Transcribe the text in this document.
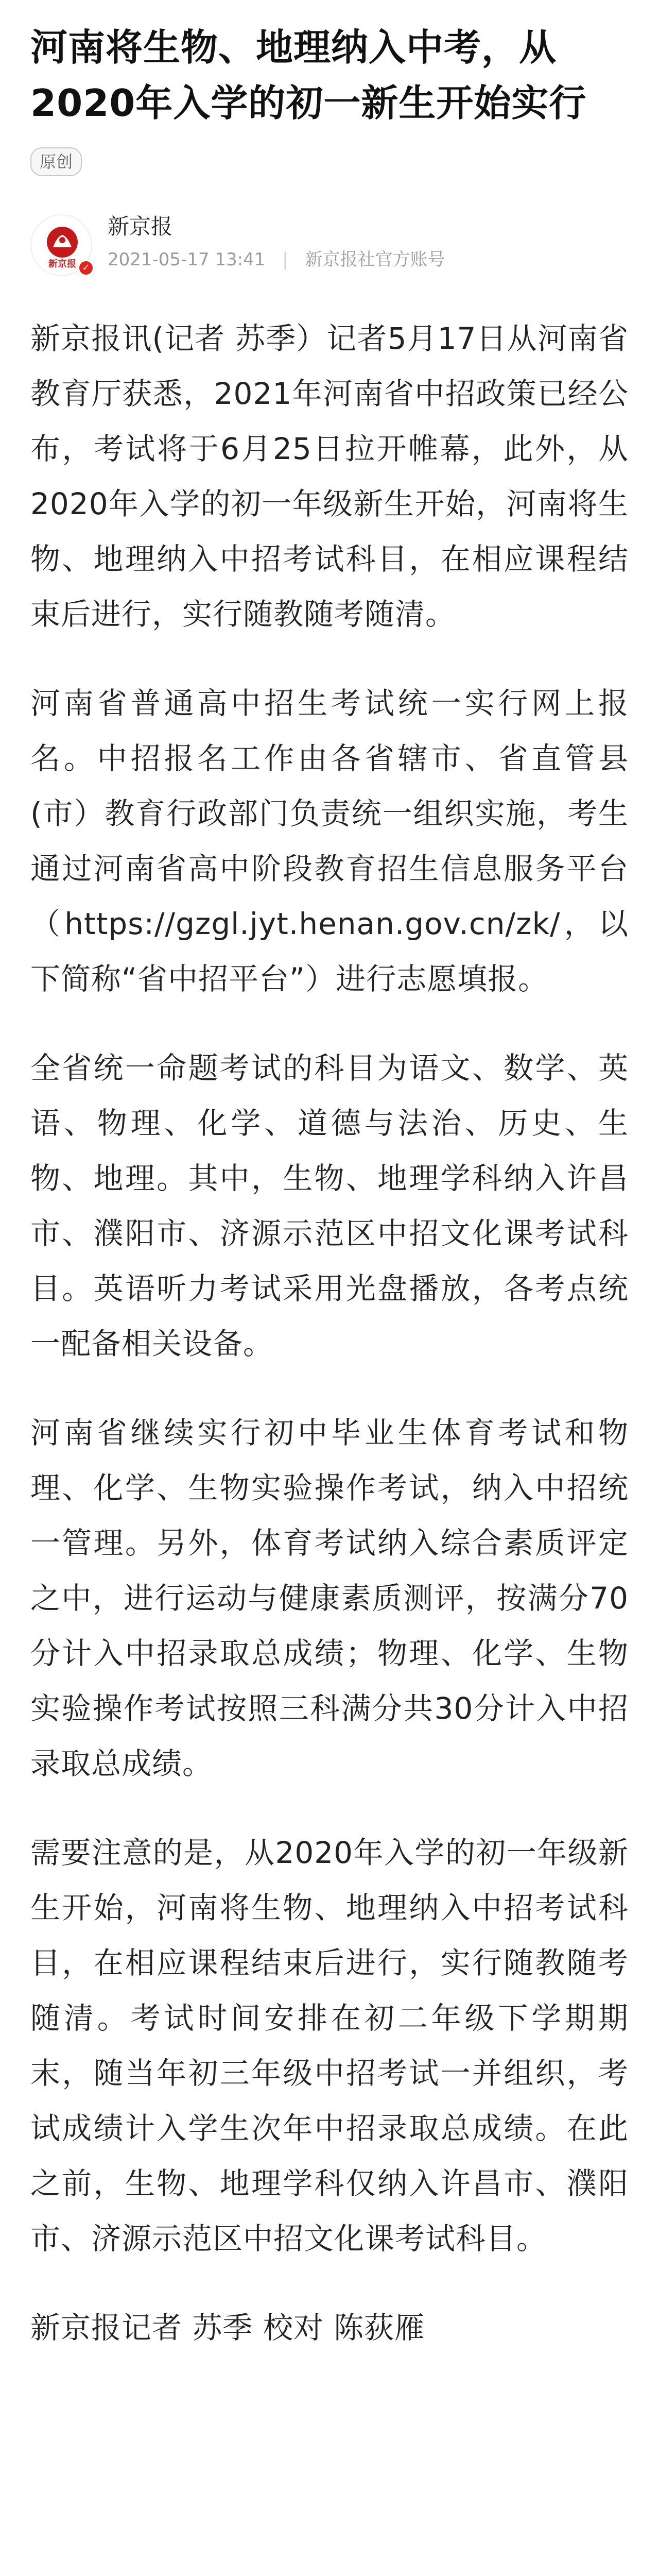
河南将生物、地理纳入中考，从2020年入学的初一新生开始实行
原创
新京报 ✓
新京报
2021-05-17 13:41 | 新京报社官方账号

新京报讯(记者 苏季）记者5月17日从河南省教育厅获悉，2021年河南省中招政策已经公布，考试将于6月25日拉开帷幕，此外，从2020年入学的初一年级新生开始，河南将生物、地理纳入中招考试科目，在相应课程结束后进行，实行随教随考随清。

河南省普通高中招生考试统一实行网上报名。中招报名工作由各省辖市、省直管县(市）教育行政部门负责统一组织实施，考生通过河南省高中阶段教育招生信息服务平台（https://gzgl.jyt.henan.gov.cn/zk/，以下简称“省中招平台”）进行志愿填报。

全省统一命题考试的科目为语文、数学、英语、物理、化学、道德与法治、历史、生物、地理。其中，生物、地理学科纳入许昌市、濮阳市、济源示范区中招文化课考试科目。英语听力考试采用光盘播放，各考点统一配备相关设备。

河南省继续实行初中毕业生体育考试和物理、化学、生物实验操作考试，纳入中招统一管理。另外，体育考试纳入综合素质评定之中，进行运动与健康素质测评，按满分70分计入中招录取总成绩；物理、化学、生物实验操作考试按照三科满分共30分计入中招录取总成绩。

需要注意的是，从2020年入学的初一年级新生开始，河南将生物、地理纳入中招考试科目，在相应课程结束后进行，实行随教随考随清。考试时间安排在初二年级下学期期末，随当年初三年级中招考试一并组织，考试成绩计入学生次年中招录取总成绩。在此之前，生物、地理学科仅纳入许昌市、濮阳市、济源示范区中招文化课考试科目。

新京报记者 苏季 校对 陈荻雁
